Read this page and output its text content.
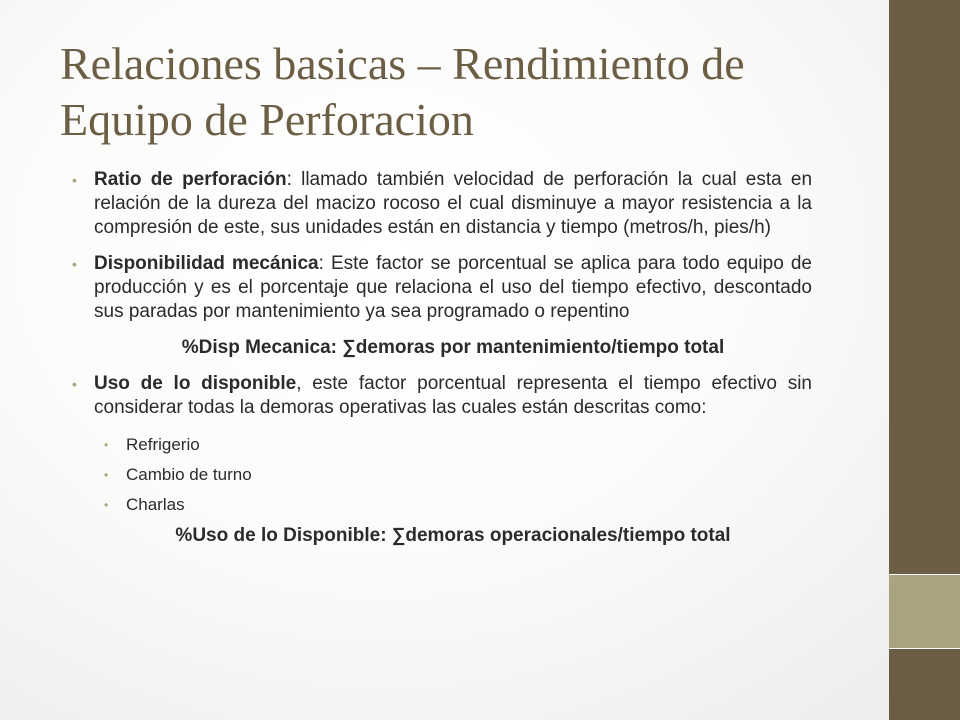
Relaciones basicas – Rendimiento de Equipo de Perforacion
• Ratio de perforación: llamado también velocidad de perforación la cual esta en relación de la dureza del macizo rocoso el cual disminuye a mayor resistencia a la compresión de este, sus unidades están en distancia y tiempo (metros/h, pies/h)
• Disponibilidad mecánica: Este factor se porcentual se aplica para todo equipo de producción y es el porcentaje que relaciona el uso del tiempo efectivo, descontado sus paradas por mantenimiento ya sea programado o repentino
%Disp Mecanica: ∑demoras por mantenimiento/tiempo total
• Uso de lo disponible, este factor porcentual representa el tiempo efectivo sin considerar todas la demoras operativas las cuales están descritas como:
• Refrigerio
• Cambio de turno
• Charlas
%Uso de lo Disponible: ∑demoras operacionales/tiempo total
